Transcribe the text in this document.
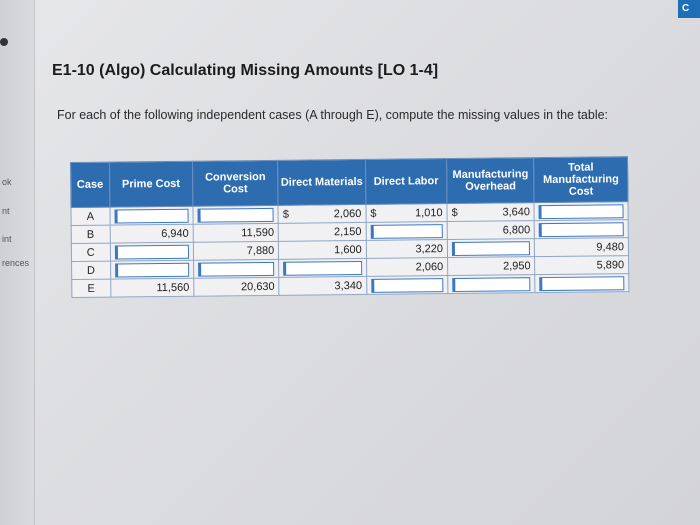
ok
nt
int
rences
C
E1-10 (Algo) Calculating Missing Amounts [LO 1-4]
For each of the following independent cases (A through E), compute the missing values in the table:
Case	Prime Cost	Conversion Cost	Direct Materials	Direct Labor	Manufacturing Overhead	Total Manufacturing Cost
A			$ 2,060	$ 1,010	$ 3,640	

B	6,940	11,590	2,150		6,800	

C		7,880	1,600	3,220		9,480
D				2,060	2,950	5,890
E	11,560	20,630	3,340	
